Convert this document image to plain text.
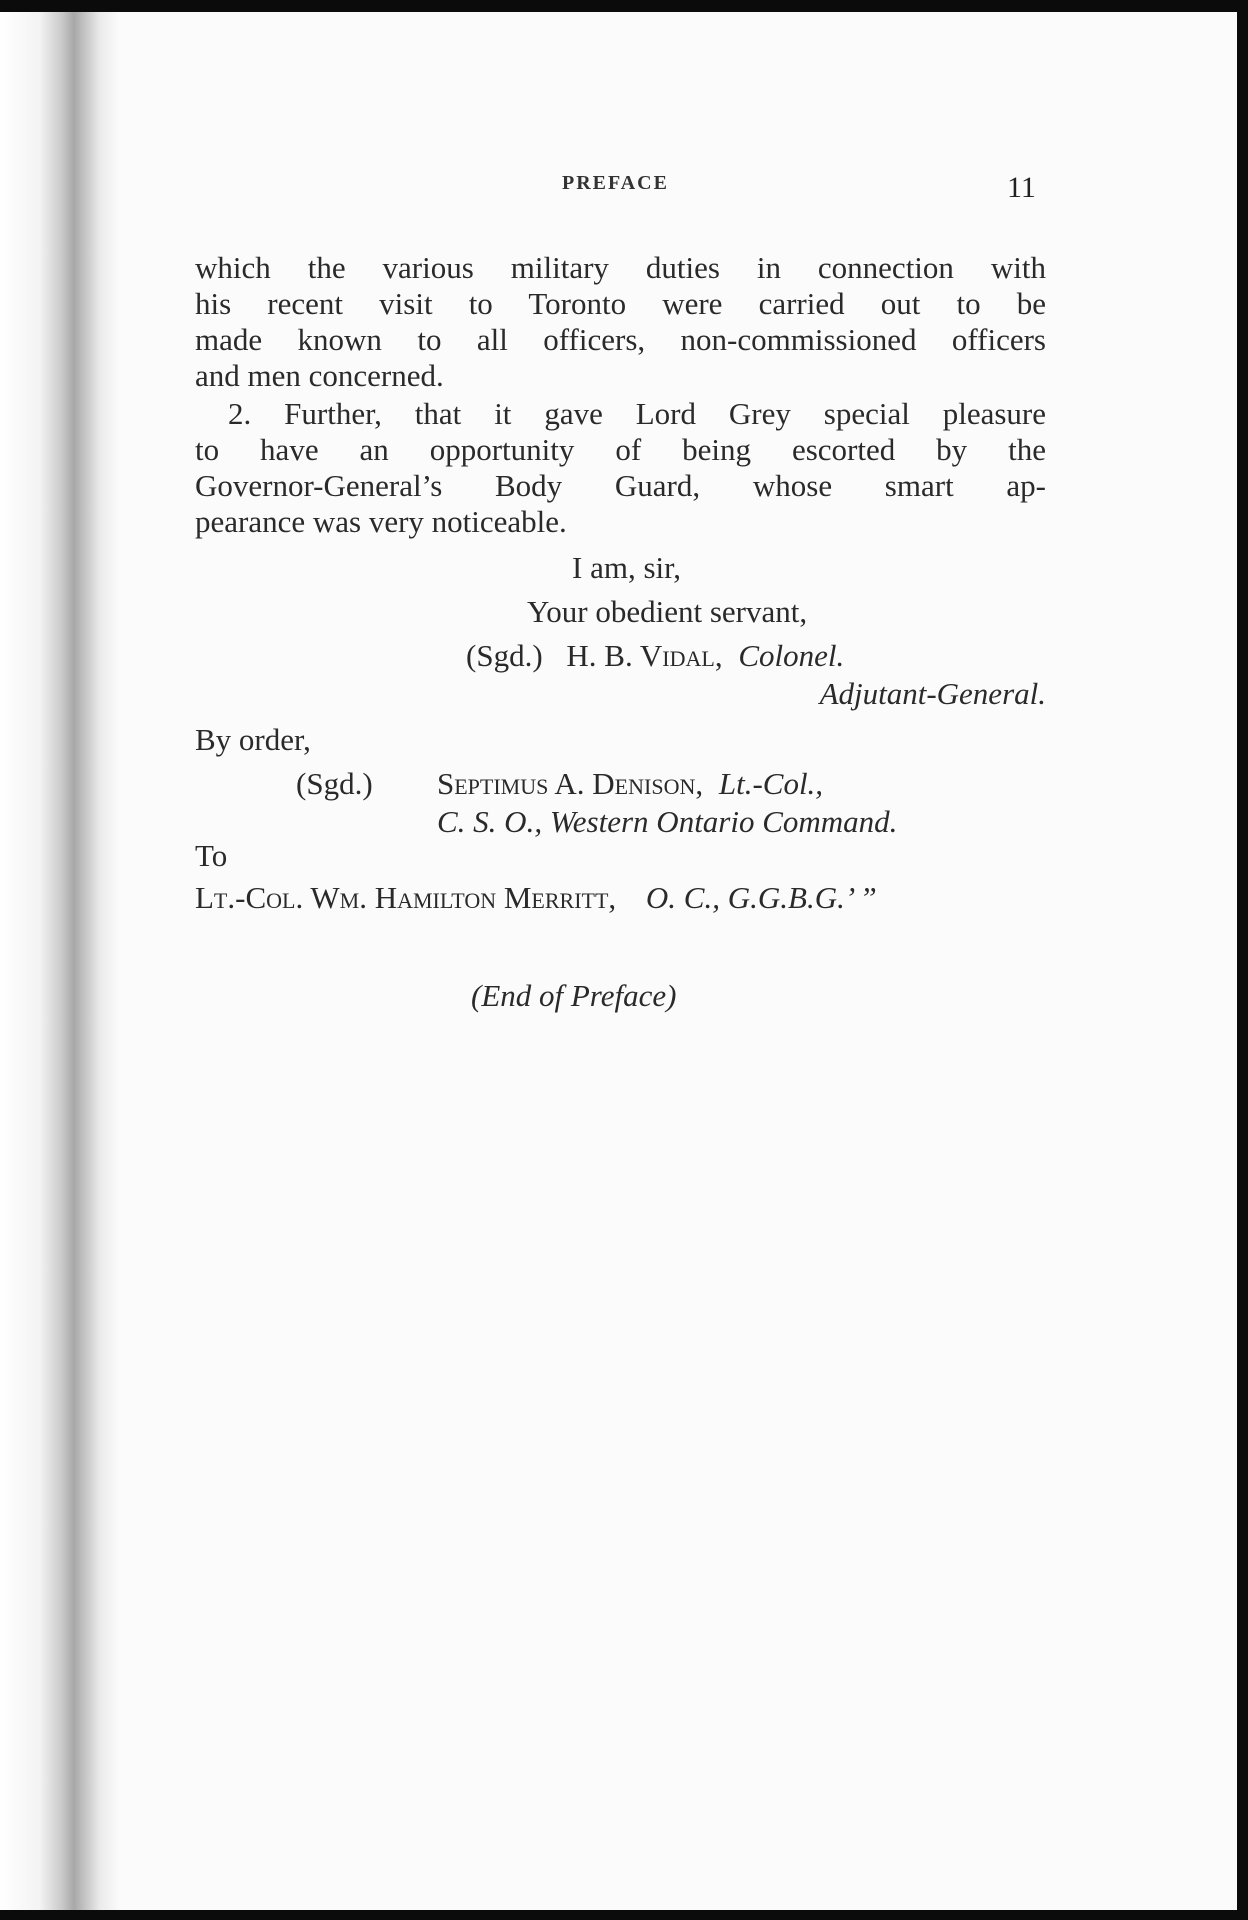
PREFACE	11
which the various military duties in connection with
his recent visit to Toronto were carried out to be
made known to all officers, non-commissioned officers
and men concerned.
2. Further, that it gave Lord Grey special pleasure
to have an opportunity of being escorted by the
Governor-General’s Body Guard, whose smart ap-
pearance was very noticeable.
I am, sir,
Your obedient servant,
(Sgd.) H. B. Vidal, Colonel.
Adjutant-General.
By order,
(Sgd.) Septimus A. Denison, Lt.-Col.,
C. S. O., Western Ontario Command.
To
Lt.-Col. Wm. Hamilton Merritt, O. C., G.G.B.G.’ ”
(End of Preface)
